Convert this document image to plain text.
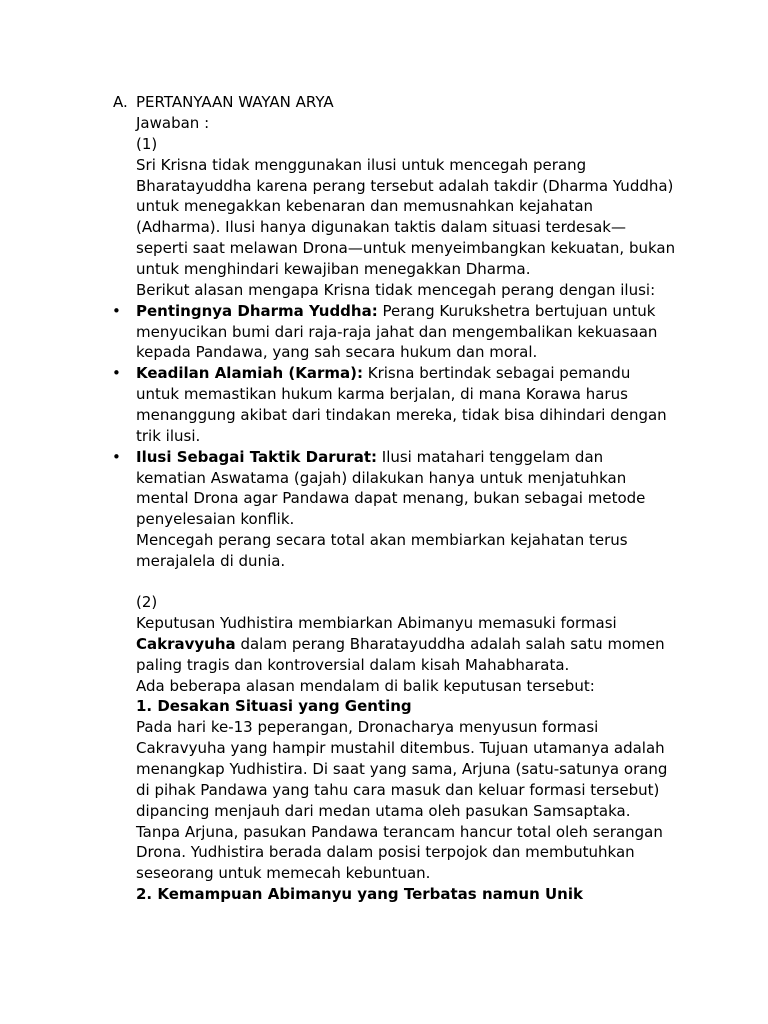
A. PERTANYAAN WAYAN ARYA
Jawaban :
(1)
Sri Krisna tidak menggunakan ilusi untuk mencegah perang
Bharatayuddha karena perang tersebut adalah takdir (Dharma Yuddha)
untuk menegakkan kebenaran dan memusnahkan kejahatan
(Adharma). Ilusi hanya digunakan taktis dalam situasi terdesak—
seperti saat melawan Drona—untuk menyeimbangkan kekuatan, bukan
untuk menghindari kewajiban menegakkan Dharma.
Berikut alasan mengapa Krisna tidak mencegah perang dengan ilusi:
• Pentingnya Dharma Yuddha: Perang Kurukshetra bertujuan untuk
menyucikan bumi dari raja-raja jahat dan mengembalikan kekuasaan
kepada Pandawa, yang sah secara hukum dan moral.
• Keadilan Alamiah (Karma): Krisna bertindak sebagai pemandu
untuk memastikan hukum karma berjalan, di mana Korawa harus
menanggung akibat dari tindakan mereka, tidak bisa dihindari dengan
trik ilusi.
• Ilusi Sebagai Taktik Darurat: Ilusi matahari tenggelam dan
kematian Aswatama (gajah) dilakukan hanya untuk menjatuhkan
mental Drona agar Pandawa dapat menang, bukan sebagai metode
penyelesaian konflik.
Mencegah perang secara total akan membiarkan kejahatan terus
merajalela di dunia.
(2)
Keputusan Yudhistira membiarkan Abimanyu memasuki formasi
Cakravyuha dalam perang Bharatayuddha adalah salah satu momen
paling tragis dan kontroversial dalam kisah Mahabharata.
Ada beberapa alasan mendalam di balik keputusan tersebut:
1. Desakan Situasi yang Genting
Pada hari ke-13 peperangan, Dronacharya menyusun formasi
Cakravyuha yang hampir mustahil ditembus. Tujuan utamanya adalah
menangkap Yudhistira. Di saat yang sama, Arjuna (satu-satunya orang
di pihak Pandawa yang tahu cara masuk dan keluar formasi tersebut)
dipancing menjauh dari medan utama oleh pasukan Samsaptaka.
Tanpa Arjuna, pasukan Pandawa terancam hancur total oleh serangan
Drona. Yudhistira berada dalam posisi terpojok dan membutuhkan
seseorang untuk memecah kebuntuan.
2. Kemampuan Abimanyu yang Terbatas namun Unik
